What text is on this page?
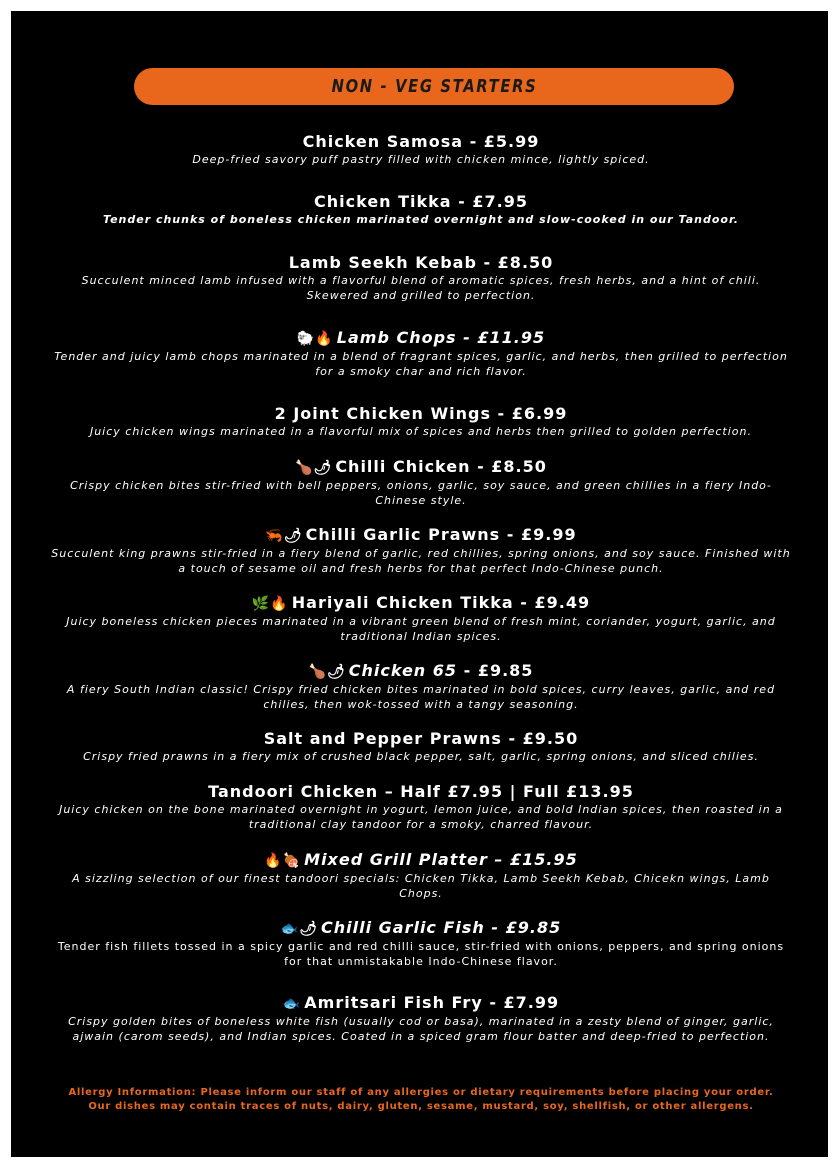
NON - VEG STARTERS
Chicken Samosa - £5.99
Deep-fried savory puff pastry filled with chicken mince, lightly spiced.
Chicken Tikka - £7.95
Tender chunks of boneless chicken marinated overnight and slow-cooked in our Tandoor.
Lamb Seekh Kebab - £8.50
Succulent minced lamb infused with a flavorful blend of aromatic spices, fresh herbs, and a hint of chili. Skewered and grilled to perfection.
🐑🔥 Lamb Chops - £11.95
Tender and juicy lamb chops marinated in a blend of fragrant spices, garlic, and herbs, then grilled to perfection for a smoky char and rich flavor.
2 Joint Chicken Wings - £6.99
Juicy chicken wings marinated in a flavorful mix of spices and herbs then grilled to golden perfection.
🍗🌶 Chilli Chicken - £8.50
Crispy chicken bites stir-fried with bell peppers, onions, garlic, soy sauce, and green chillies in a fiery Indo-Chinese style.
🦐🌶 Chilli Garlic Prawns - £9.99
Succulent king prawns stir-fried in a fiery blend of garlic, red chillies, spring onions, and soy sauce. Finished with a touch of sesame oil and fresh herbs for that perfect Indo-Chinese punch.
🌿🔥 Hariyali Chicken Tikka - £9.49
Juicy boneless chicken pieces marinated in a vibrant green blend of fresh mint, coriander, yogurt, garlic, and traditional Indian spices.
🍗🌶 Chicken 65 - £9.85
A fiery South Indian classic! Crispy fried chicken bites marinated in bold spices, curry leaves, garlic, and red chilies, then wok-tossed with a tangy seasoning.
Salt and Pepper Prawns - £9.50
Crispy fried prawns in a fiery mix of crushed black pepper, salt, garlic, spring onions, and sliced chilies.
Tandoori Chicken – Half £7.95 | Full £13.95
Juicy chicken on the bone marinated overnight in yogurt, lemon juice, and bold Indian spices, then roasted in a traditional clay tandoor for a smoky, charred flavour.
🔥🍖 Mixed Grill Platter – £15.95
A sizzling selection of our finest tandoori specials: Chicken Tikka, Lamb Seekh Kebab, Chicekn wings, Lamb Chops.
🐟🌶 Chilli Garlic Fish - £9.85
Tender fish fillets tossed in a spicy garlic and red chilli sauce, stir-fried with onions, peppers, and spring onions for that unmistakable Indo-Chinese flavor.
🐟 Amritsari Fish Fry - £7.99
Crispy golden bites of boneless white fish (usually cod or basa), marinated in a zesty blend of ginger, garlic, ajwain (carom seeds), and Indian spices. Coated in a spiced gram flour batter and deep-fried to perfection.
Allergy Information: Please inform our staff of any allergies or dietary requirements before placing your order.
Our dishes may contain traces of nuts, dairy, gluten, sesame, mustard, soy, shellfish, or other allergens.
